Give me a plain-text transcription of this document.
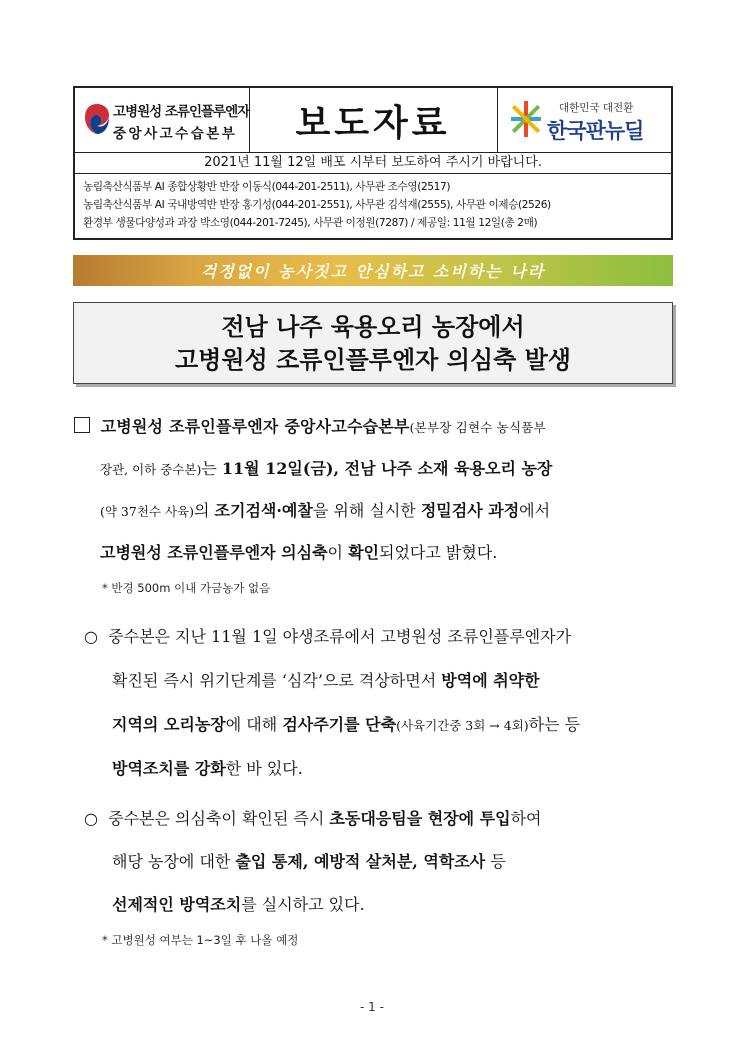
고병원성 조류인플루엔자
중앙사고수습본부 보도자료	대한민국 대전환
한국판뉴딜
2021년 11월 12일 배포 시부터 보도하여 주시기 바랍니다.
농림축산식품부 AI 종합상황반 반장 이동식(044-201-2511), 사무관 조수영(2517)
농림축산식품부 AI 국내방역반 반장 홍기성(044-201-2551), 사무관 김석재(2555), 사무관 이제승(2526)
환경부 생물다양성과 과장 박소영(044-201-7245), 사무관 이정원(7287) / 제공일: 11월 12일(총 2매)
걱정없이 농사짓고 안심하고 소비하는 나라
전남 나주 육용오리 농장에서
고병원성 조류인플루엔자 의심축 발생
고병원성 조류인플루엔자 중앙사고수습본부(본부장 김현수 농식품부
장관, 이하 중수본)는 11월 12일(금), 전남 나주 소재 육용오리 농장
(약 37천수 사육)의 조기검색·예찰을 위해 실시한 정밀검사 과정에서
고병원성 조류인플루엔자 의심축이 확인되었다고 밝혔다.
* 반경 500m 이내 가금농가 없음
○ 중수본은 지난 11월 1일 야생조류에서 고병원성 조류인플루엔자가
확진된 즉시 위기단계를 ‘심각’으로 격상하면서 방역에 취약한
지역의 오리농장에 대해 검사주기를 단축(사육기간중 3회 → 4회)하는 등
방역조치를 강화한 바 있다.
○ 중수본은 의심축이 확인된 즉시 초동대응팀을 현장에 투입하여
해당 농장에 대한 출입 통제, 예방적 살처분, 역학조사 등
선제적인 방역조치를 실시하고 있다.
* 고병원성 여부는 1~3일 후 나올 예정
- 1 -
